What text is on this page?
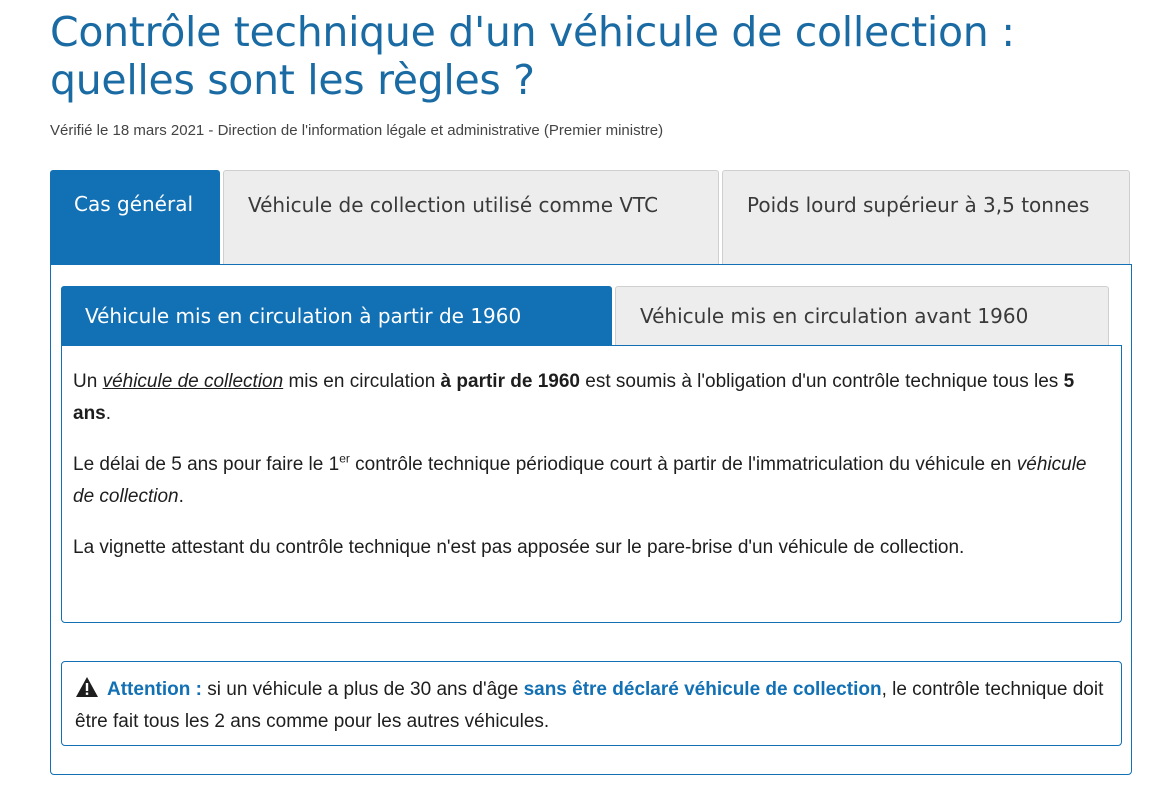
Contrôle technique d'un véhicule de collection : quelles sont les règles ?
Vérifié le 18 mars 2021 - Direction de l'information légale et administrative (Premier ministre)
Cas général	Véhicule de collection utilisé comme VTC	Poids lourd supérieur à 3,5 tonnes
Véhicule mis en circulation à partir de 1960	Véhicule mis en circulation avant 1960

Un véhicule de collection mis en circulation à partir de 1960 est soumis à l'obligation d'un contrôle technique tous les 5 ans.

Le délai de 5 ans pour faire le 1er contrôle technique périodique court à partir de l'immatriculation du véhicule en véhicule de collection.

La vignette attestant du contrôle technique n'est pas apposée sur le pare-brise d'un véhicule de collection.

Attention : si un véhicule a plus de 30 ans d'âge sans être déclaré véhicule de collection, le contrôle technique doit être fait tous les 2 ans comme pour les autres véhicules.
